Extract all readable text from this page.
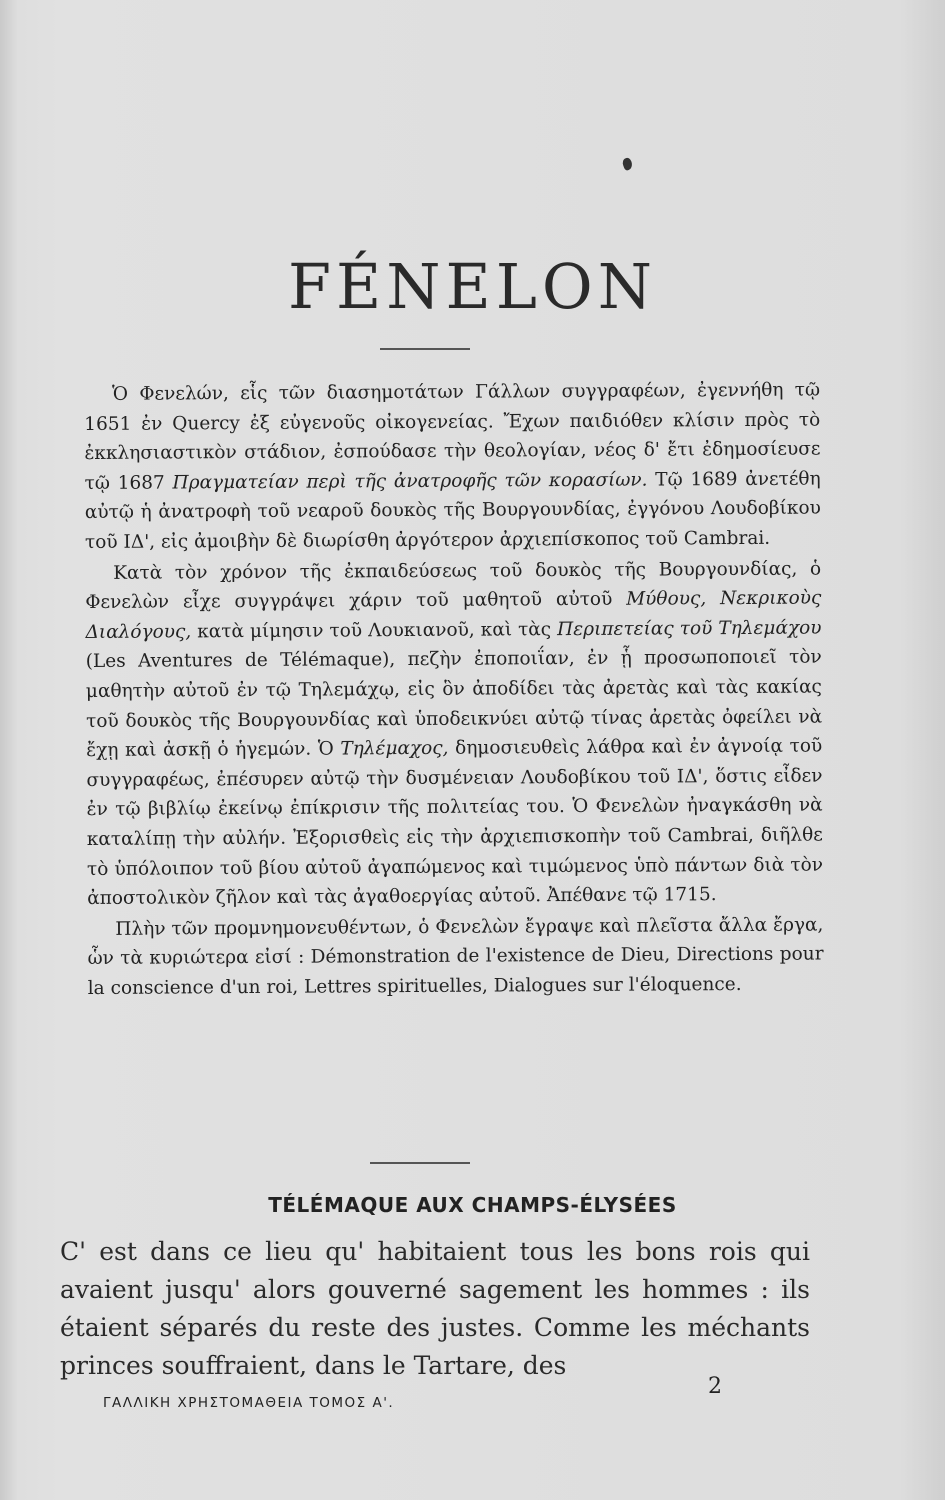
FÉNELON

Ὁ Φενελών, εἷς τῶν διασημοτάτων Γάλλων συγγραφέων, ἐγεννήθη τῷ 1651 ἐν Quercy ἐξ εὐγενοῦς οἰκογενείας. Ἔχων παιδιόθεν κλίσιν πρὸς τὸ ἐκκλησιαστικὸν στάδιον, ἐσπούδασε τὴν θεολογίαν, νέος δ' ἔτι ἐδημοσίευσε τῷ 1687 Πραγματείαν περὶ τῆς ἀνατροφῆς τῶν κορασίων. Τῷ 1689 ἀνετέθη αὐτῷ ἡ ἀνατροφὴ τοῦ νεαροῦ δουκὸς τῆς Βουργουνδίας, ἐγγόνου Λουδοβίκου τοῦ ΙΔ', εἰς ἀμοιβὴν δὲ διωρίσθη ἀργότερον ἀρχιεπίσκοπος τοῦ Cambrai.

Κατὰ τὸν χρόνον τῆς ἐκπαιδεύσεως τοῦ δουκὸς τῆς Βουργουνδίας, ὁ Φενελὼν εἶχε συγγράψει χάριν τοῦ μαθητοῦ αὐτοῦ Μύθους, Νεκρικοὺς Διαλόγους, κατὰ μίμησιν τοῦ Λουκιανοῦ, καὶ τὰς Περιπετείας τοῦ Τηλεμάχου (Les Aventures de Télémaque), πεζὴν ἐποποιΐαν, ἐν ᾗ προσωποποιεῖ τὸν μαθητὴν αὐτοῦ ἐν τῷ Τηλεμάχῳ, εἰς ὃν ἀποδίδει τὰς ἀρετὰς καὶ τὰς κακίας τοῦ δουκὸς τῆς Βουργουνδίας καὶ ὑποδεικνύει αὐτῷ τίνας ἀρετὰς ὀφείλει νὰ ἔχῃ καὶ ἀσκῇ ὁ ἡγεμών. Ὁ Τηλέμαχος, δημοσιευθεὶς λάθρα καὶ ἐν ἀγνοίᾳ τοῦ συγγραφέως, ἐπέσυρεν αὐτῷ τὴν δυσμένειαν Λουδοβίκου τοῦ ΙΔ', ὅστις εἶδεν ἐν τῷ βιβλίῳ ἐκείνῳ ἐπίκρισιν τῆς πολιτείας του. Ὁ Φενελὼν ἠναγκάσθη νὰ καταλίπῃ τὴν αὐλήν. Ἐξορισθεὶς εἰς τὴν ἀρχιεπισκοπὴν τοῦ Cambrai, διῆλθε τὸ ὑπόλοιπον τοῦ βίου αὐτοῦ ἀγαπώμενος καὶ τιμώμενος ὑπὸ πάντων διὰ τὸν ἀποστολικὸν ζῆλον καὶ τὰς ἀγαθοεργίας αὐτοῦ. Ἀπέθανε τῷ 1715.

Πλὴν τῶν προμνημονευθέντων, ὁ Φενελὼν ἔγραψε καὶ πλεῖστα ἄλλα ἔργα, ὧν τὰ κυριώτερα εἰσί : Démonstration de l'existence de Dieu, Directions pour la conscience d'un roi, Lettres spirituelles, Dialogues sur l'éloquence.

TÉLÉMAQUE AUX CHAMPS-ÉLYSÉES

C' est dans ce lieu qu' habitaient tous les bons rois qui avaient jusqu' alors gouverné sagement les hommes : ils étaient séparés du reste des justes. Comme les méchants princes souffraient, dans le Tartare, des

ΓΑΛΛΙΚΗ ΧΡΗΣΤΟΜΑΘΕΙΑ ΤΟΜΟΣ Α'.

2
